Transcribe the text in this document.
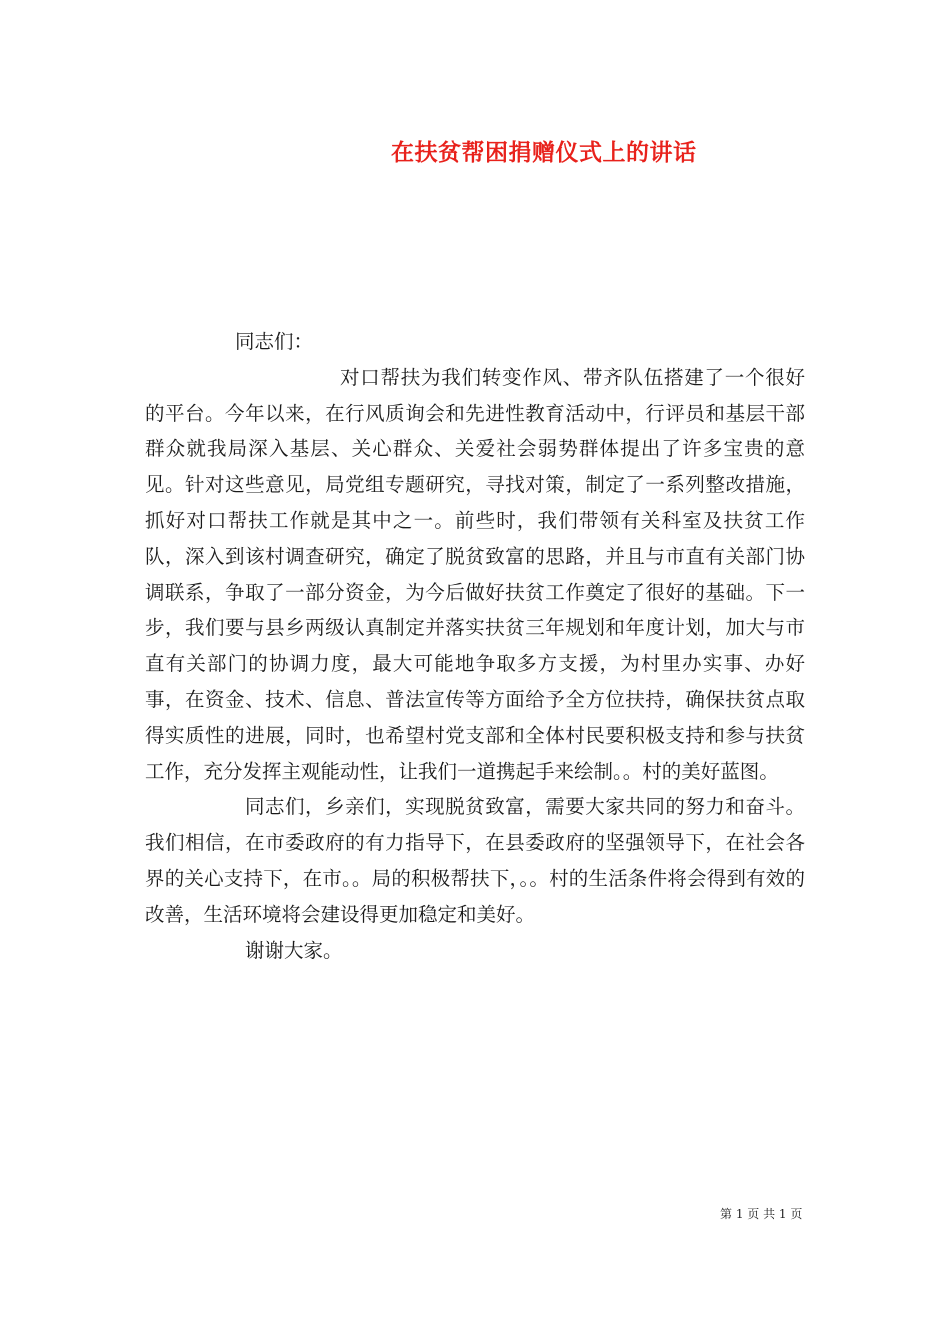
在扶贫帮困捐赠仪式上的讲话

同志们：

对口帮扶为我们转变作风、带齐队伍搭建了一个很好的平台。今年以来，在行风质询会和先进性教育活动中，行评员和基层干部群众就我局深入基层、关心群众、关爱社会弱势群体提出了许多宝贵的意见。针对这些意见，局党组专题研究，寻找对策，制定了一系列整改措施，抓好对口帮扶工作就是其中之一。前些时，我们带领有关科室及扶贫工作队，深入到该村调查研究，确定了脱贫致富的思路，并且与市直有关部门协调联系，争取了一部分资金，为今后做好扶贫工作奠定了很好的基础。下一步，我们要与县乡两级认真制定并落实扶贫三年规划和年度计划，加大与市直有关部门的协调力度，最大可能地争取多方支援，为村里办实事、办好事，在资金、技术、信息、普法宣传等方面给予全方位扶持，确保扶贫点取得实质性的进展，同时，也希望村党支部和全体村民要积极支持和参与扶贫工作，充分发挥主观能动性，让我们一道携起手来绘制。。村的美好蓝图。

同志们，乡亲们，实现脱贫致富，需要大家共同的努力和奋斗。我们相信，在市委政府的有力指导下，在县委政府的坚强领导下，在社会各界的关心支持下，在市。。局的积极帮扶下，。。村的生活条件将会得到有效的改善，生活环境将会建设得更加稳定和美好。

谢谢大家。

第 1 页 共 1 页
